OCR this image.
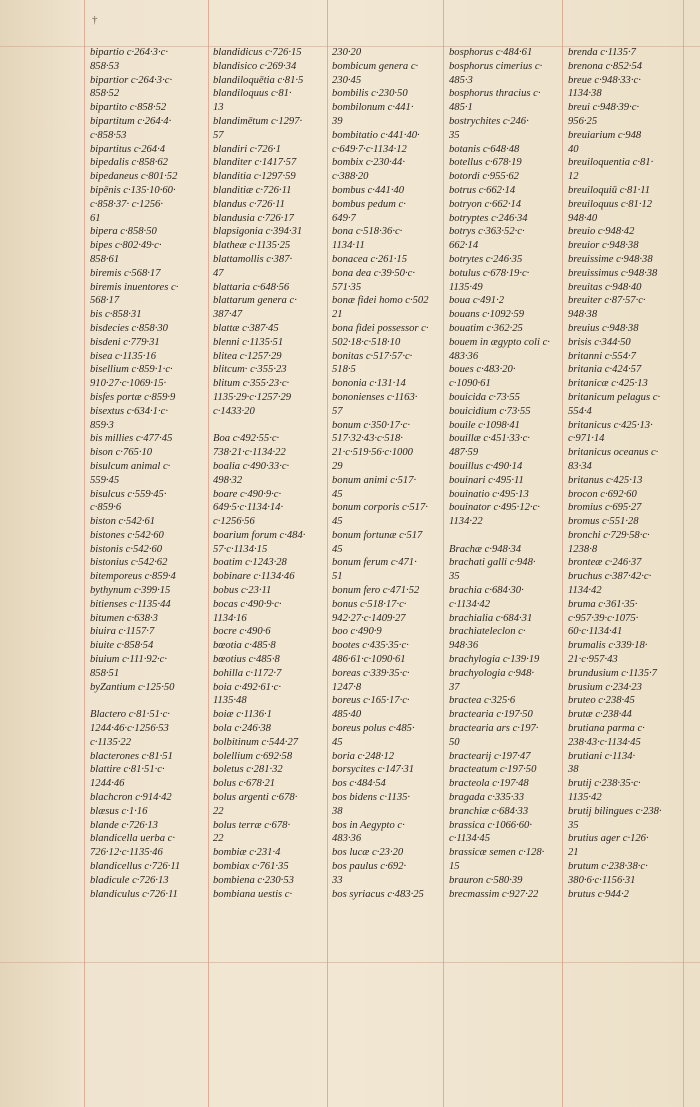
†
bipartio c·264·3·c·
858·53
bipartior c·264·3·c·
858·52
bipartito c·858·52
bipartitum c·264·4·
c·858·53
bipartitus c·264·4
bipedalis c·858·62
bipedaneus c·801·52
bipēnis c·135·10·60·
c·858·37· c·1256·
61
bipera c·858·50
bipes c·802·49·c·
858·61
biremis c·568·17
biremis inuentores c·
568·17
bis c·858·31
bisdecies c·858·30
bisdeni c·779·31
bisea c·1135·16
bisellium c·859·1·c·
910·27·c·1069·15·
bisfes portæ c·859·9
bisextus c·634·1·c·
859·3
bis millies c·477·45
bison c·765·10
bisulcum animal c·
559·45
bisulcus c·559·45·
c·859·6
biston c·542·61
bistones c·542·60
bistonis c·542·60
bistonius c·542·62
bitemporeus c·859·4
bythynum c·399·15
bitienses c·1135·44
bitumen c·638·3
biuira c·1157·7
biuite c·858·54
biuium c·111·92·c·
858·51
byZantium c·125·50

Blactero c·81·51·c·
1244·46·c·1256·53
c·1135·22
blacterones c·81·51
blattire c·81·51·c·
1244·46
blachcron c·914·42
blæsus c·1·16
blande c·726·13
blandicella uerba c·
726·12·c·1135·46
blandicellus c·726·11
bladicule c·726·13
blandiculus c·726·11
blandidicus c·726·15
blandisico c·269·34
blandiloquētia c·81·5
blandiloquus c·81·
13
blandimētum c·1297·
57
blandiri c·726·1
blanditer c·1417·57
blanditia c·1297·59
blanditiæ c·726·11
blandus c·726·11
blandusia c·726·17
blapsigonia c·394·31
blatheæ c·1135·25
blattamollis c·387·
47
blattaria c·648·56
blattarum genera c·
387·47
blattæ c·387·45
blenni c·1135·51
blitea c·1257·29
blitcum· c·355·23
blitum c·355·23·c·
1135·29·c·1257·29
c·1433·20

Boa c·492·55·c·
738·21·c·1134·22
boalia c·490·33·c·
498·32
boare c·490·9·c·
649·5·c·1134·14·
c·1256·56
boarium forum c·484·
57·c·1134·15
boatim c·1243·28
bobinare c·1134·46
bobus c·23·11
bocas c·490·9·c·
1134·16
bocre c·490·6
bœotia c·485·8
bœotius c·485·8
bohilla c·1172·7
boia c·492·61·c·
1135·48
boiæ c·1136·1
bola c·246·38
bolbitinum c·544·27
bolellium c·692·58
boletus c·281·32
bolus c·678·21
bolus argenti c·678·
22
bolus terræ c·678·
22
bombiæ c·231·4
bombiax c·761·35
bombiena c·230·53
bombiana uestis c·
230·20
bombicum genera c·
230·45
bombilis c·230·50
bombilonum c·441·
39
bombitatio c·441·40·
c·649·7·c·1134·12
bombix c·230·44·
c·388·20
bombus c·441·40
bombus pedum c·
649·7
bona c·518·36·c·
1134·11
bonacea c·261·15
bona dea c·39·50·c·
571·35
bonæ fidei homo c·502
21
bona fidei possessor c·
502·18·c·518·10
bonitas c·517·57·c·
518·5
bononia c·131·14
bononienses c·1163·
57
bonum c·350·17·c·
517·32·43·c·518·
21·c·519·56·c·1000
29
bonum animi c·517·
45
bonum corporis c·517·
45
bonum fortunæ c·517
45
bonum ferum c·471·
51
bonum fero c·471·52
bonus c·518·17·c·
942·27·c·1409·27
boo c·490·9
bootes c·435·35·c·
486·61·c·1090·61
boreas c·339·35·c·
1247·8
boreus c·165·17·c·
485·40
boreus polus c·485·
45
boria c·248·12
borsycites c·147·31
bos c·484·54
bos bidens c·1135·
38
bos in Aegypto c·
483·36
bos lucæ c·23·20
bos paulus c·692·
33
bos syriacus c·483·25
bosphorus c·484·61
bosphorus cimerius c·
485·3
bosphorus thracius c·
485·1
bostrychites c·246·
35
botanis c·648·48
botellus c·678·19
botordi c·955·62
botrus c·662·14
botryon c·662·14
botryptes c·246·34
botrys c·363·52·c·
662·14
botrytes c·246·35
botulus c·678·19·c·
1135·49
boua c·491·2
bouans c·1092·59
bouatim c·362·25
bouem in ægypto coli c·
483·36
boues c·483·20·
c·1090·61
bouicida c·73·55
bouicidium c·73·55
bouile c·1098·41
bouillæ c·451·33·c·
487·59
bouillus c·490·14
bouinari c·495·11
bouinatio c·495·13
bouinator c·495·12·c·
1134·22

Brachæ c·948·34
brachati galli c·948·
35
brachia c·684·30·
c·1134·42
brachialia c·684·31
brachiateleclon c·
948·36
brachylogia c·139·19
brachyologia c·948·
37
bractea c·325·6
bractearia c·197·50
bractearia ars c·197·
50
bractearij c·197·47
bracteatum c·197·50
bracteola c·197·48
bragada c·335·33
branchiæ c·684·33
brassica c·1066·60·
c·1134·45
brassicæ semen c·128·
15
brauron c·580·39
brecmassim c·927·22
brenda c·1135·7
brenona c·852·54
breue c·948·33·c·
1134·38
breui c·948·39·c·
956·25
breuiarium c·948
40
breuiloquentia c·81·
12
breuiloquiū c·81·11
breuiloquus c·81·12
948·40
breuio c·948·42
breuior c·948·38
breuissime c·948·38
breuissimus c·948·38
breuitas c·948·40
breuiter c·87·57·c·
948·38
breuius c·948·38
brisis c·344·50
britanni c·554·7
britania c·424·57
britanicæ c·425·13
britanicum pelagus c·
554·4
britanicus c·425·13·
c·971·14
britanicus oceanus c·
83·34
britanus c·425·13
brocon c·692·60
bromius c·695·27
bromus c·551·28
bronchi c·729·58·c·
1238·8
bronteæ c·246·37
bruchus c·387·42·c·
1134·42
bruma c·361·35·
c·957·39·c·1075·
60·c·1134·41
brumalis c·339·18·
21·c·957·43
brundusium c·1135·7
brusium c·234·23
bruteo c·238·45
brutæ c·238·44
brutiana parma c·
238·43·c·1134·45
brutiani c·1134·
38
brutij c·238·35·c·
1135·42
brutij bilingues c·238·
35
brutius ager c·126·
21
brutum c·238·38·c·
380·6·c·1156·31
brutus c·944·2
